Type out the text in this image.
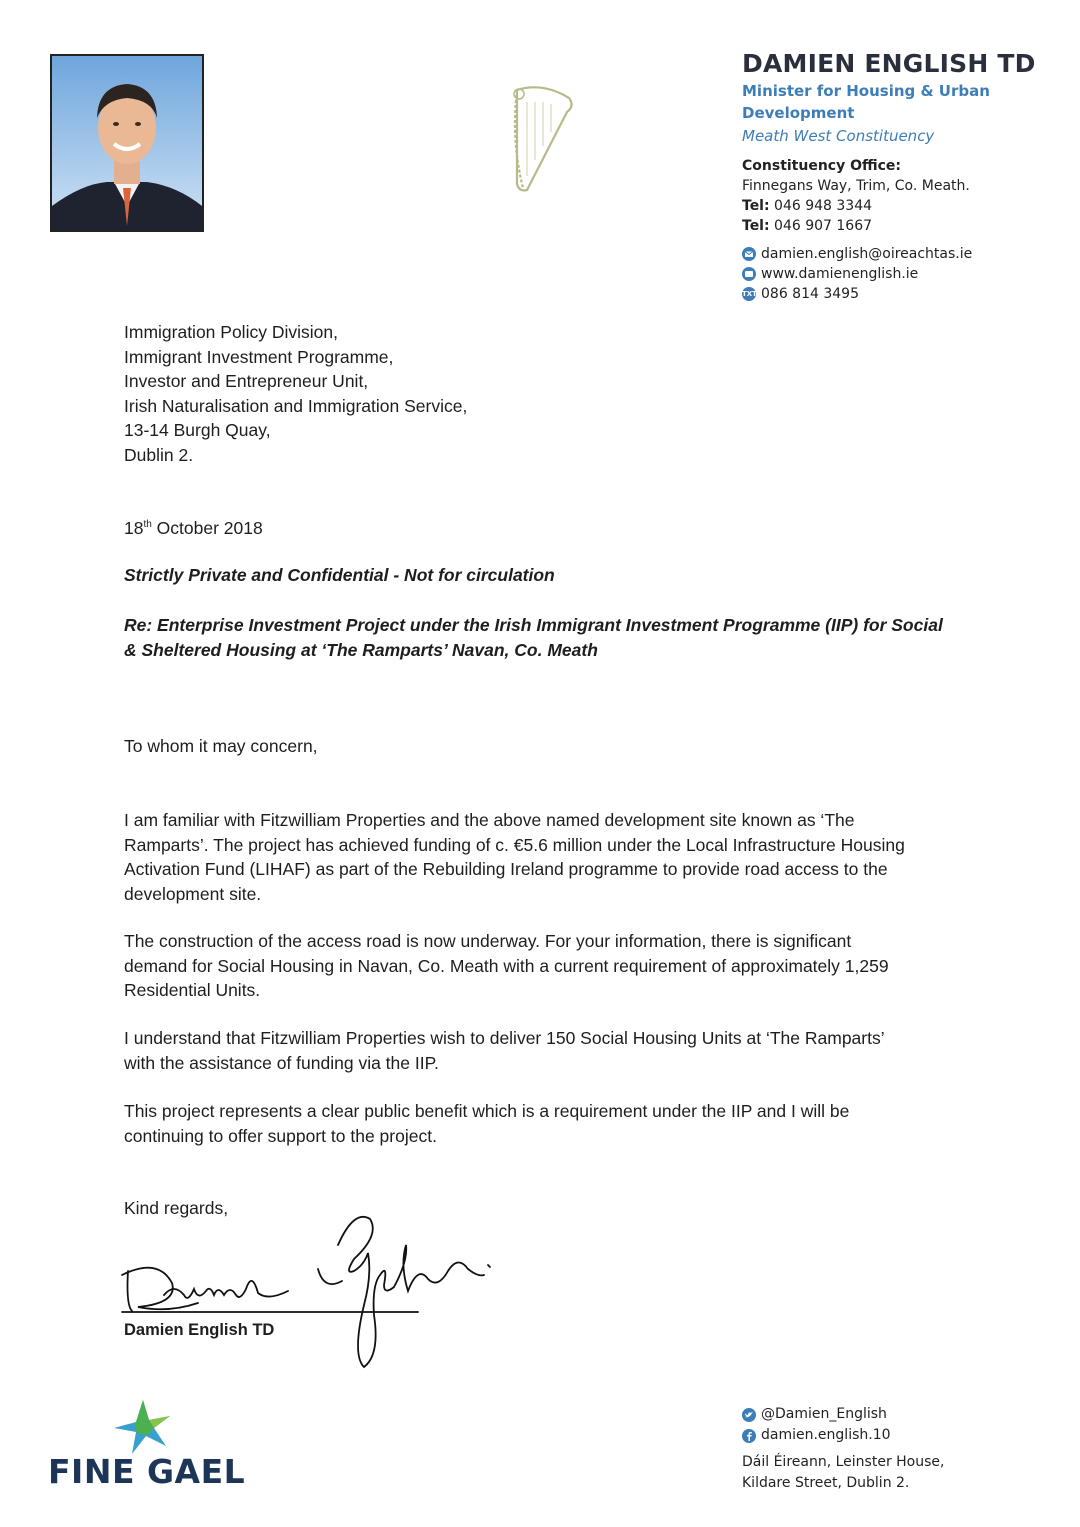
DAMIEN ENGLISH TD
Minister for Housing & Urban Development
Meath West Constituency
Constituency Office:
Finnegans Way, Trim, Co. Meath.
Tel: 046 948 3344
Tel: 046 907 1667
damien.english@oireachtas.ie
www.damienenglish.ie
TXT 086 814 3495
Immigration Policy Division,
Immigrant Investment Programme,
Investor and Entrepreneur Unit,
Irish Naturalisation and Immigration Service,
13-14 Burgh Quay,
Dublin 2.
18th October 2018
Strictly Private and Confidential - Not for circulation
Re: Enterprise Investment Project under the Irish Immigrant Investment Programme (IIP) for Social
& Sheltered Housing at ‘The Ramparts’ Navan, Co. Meath
To whom it may concern,
I am familiar with Fitzwilliam Properties and the above named development site known as ‘The
Ramparts’. The project has achieved funding of c. €5.6 million under the Local Infrastructure Housing
Activation Fund (LIHAF) as part of the Rebuilding Ireland programme to provide road access to the
development site.
The construction of the access road is now underway. For your information, there is significant
demand for Social Housing in Navan, Co. Meath with a current requirement of approximately 1,259
Residential Units.
I understand that Fitzwilliam Properties wish to deliver 150 Social Housing Units at ‘The Ramparts’
with the assistance of funding via the IIP.
This project represents a clear public benefit which is a requirement under the IIP and I will be
continuing to offer support to the project.
Kind regards,
Damien English TD
FINE GAEL
@Damien_English
damien.english.10
Dáil Éireann, Leinster House,
Kildare Street, Dublin 2.
